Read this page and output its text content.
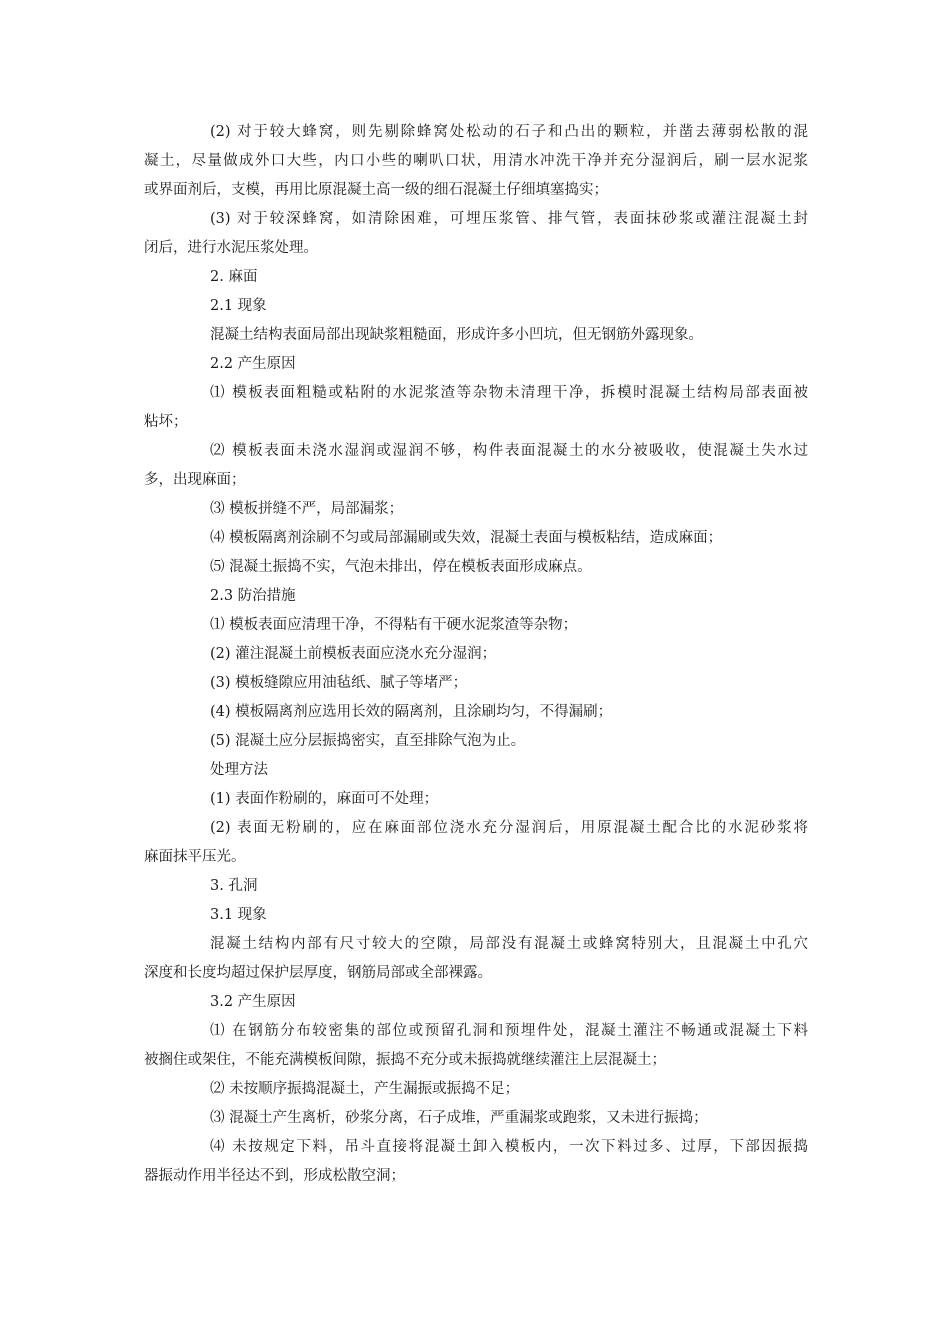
(2) 对于较大蜂窝，则先剔除蜂窝处松动的石子和凸出的颗粒，并凿去薄弱松散的混
凝土，尽量做成外口大些，内口小些的喇叭口状，用清水冲洗干净并充分湿润后，刷一层水泥浆
或界面剂后，支模，再用比原混凝土高一级的细石混凝土仔细填塞捣实；
(3) 对于较深蜂窝，如清除困难，可埋压浆管、排气管，表面抹砂浆或灌注混凝土封
闭后，进行水泥压浆处理。
2. 麻面
2.1 现象
混凝土结构表面局部出现缺浆粗糙面，形成许多小凹坑，但无钢筋外露现象。
2.2 产生原因
⑴ 模板表面粗糙或粘附的水泥浆渣等杂物未清理干净，拆模时混凝土结构局部表面被
粘坏；
⑵ 模板表面未浇水湿润或湿润不够，构件表面混凝土的水分被吸收，使混凝土失水过
多，出现麻面；
⑶ 模板拼缝不严，局部漏浆；
⑷ 模板隔离剂涂刷不匀或局部漏刷或失效，混凝土表面与模板粘结，造成麻面；
⑸ 混凝土振捣不实，气泡未排出，停在模板表面形成麻点。
2.3 防治措施
⑴ 模板表面应清理干净，不得粘有干硬水泥浆渣等杂物；
(2) 灌注混凝土前模板表面应浇水充分湿润；
(3) 模板缝隙应用油毡纸、腻子等堵严；
(4) 模板隔离剂应选用长效的隔离剂，且涂刷均匀，不得漏刷；
(5) 混凝土应分层振捣密实，直至排除气泡为止。
处理方法
(1) 表面作粉刷的，麻面可不处理；
(2) 表面无粉刷的，应在麻面部位浇水充分湿润后，用原混凝土配合比的水泥砂浆将
麻面抹平压光。
3. 孔洞
3.1 现象
混凝土结构内部有尺寸较大的空隙，局部没有混凝土或蜂窝特别大，且混凝土中孔穴
深度和长度均超过保护层厚度，钢筋局部或全部裸露。
3.2 产生原因
⑴ 在钢筋分布较密集的部位或预留孔洞和预埋件处，混凝土灌注不畅通或混凝土下料
被搁住或架住，不能充满模板间隙，振捣不充分或未振捣就继续灌注上层混凝土；
⑵ 未按顺序振捣混凝土，产生漏振或振捣不足；
⑶ 混凝土产生离析，砂浆分离，石子成堆，严重漏浆或跑浆，又未进行振捣；
⑷ 未按规定下料，吊斗直接将混凝土卸入模板内，一次下料过多、过厚，下部因振捣
器振动作用半径达不到，形成松散空洞；
